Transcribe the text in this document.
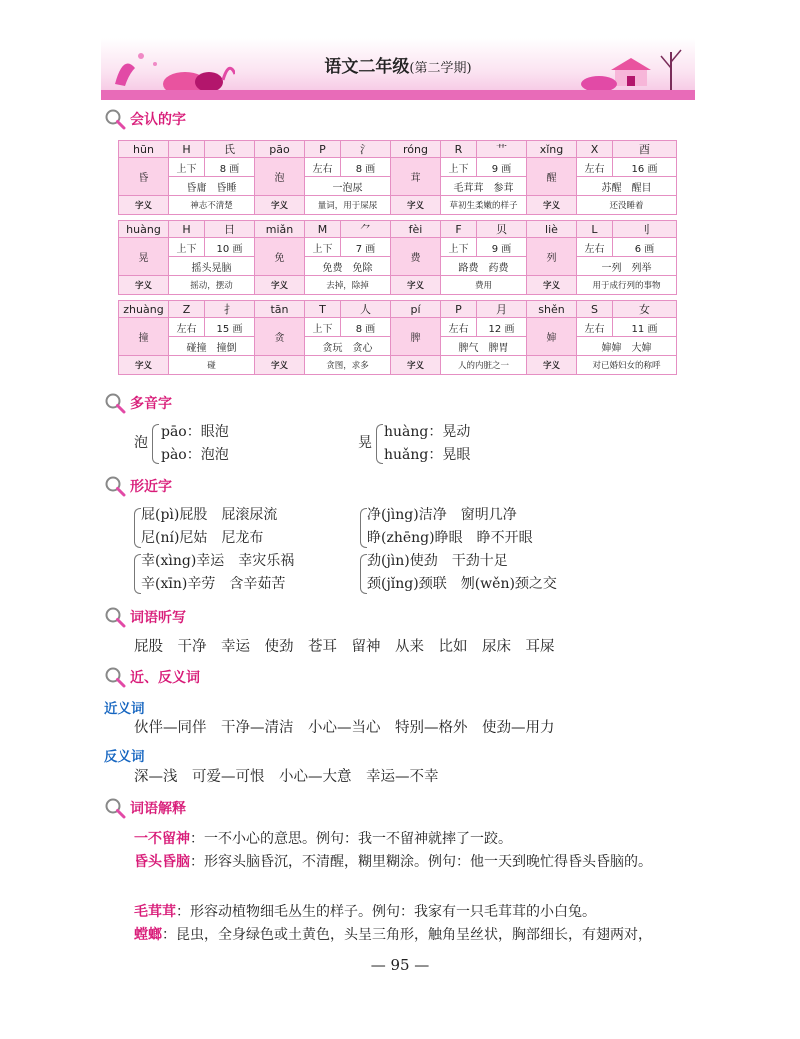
语文二年级(第二学期)
会认的字
hūn	H	氏	pāo	P	氵	róng	R	艹	xǐng	X	酉
昏	上下	8 画	泡	左右	8 画	茸	上下	9 画	醒	左右	16 画
	昏庸　昏睡			一泡尿			毛茸茸　参茸			苏醒　醒目	
字义	神志不清楚		字义	量词，用于屎尿		字义	草初生柔嫩的样子		字义	还没睡着	

huàng	H	日	miǎn	M	⺈	fèi	F	贝	liè	L	刂
晃	上下	10 画	免	上下	7 画	费	上下	9 画	列	左右	6 画
	摇头晃脑			免费　免除			路费　药费			一列　列举	
字义	摇动，摆动		字义	去掉，除掉		字义	费用		字义	用于成行列的事物	

zhuàng	Z	扌	tān	T	人	pí	P	月	shěn	S	女
撞	左右	15 画	贪	上下	8 画	脾	左右	12 画	婶	左右	11 画
	碰撞　撞倒			贪玩　贪心			脾气　脾胃			婶婶　大婶	
字义	碰		字义	贪图，求多		字义	人的内脏之一		字义	对已婚妇女的称呼	
多音字
泡
pāo：眼泡
pào：泡泡
晃
huàng：晃动
huǎng：晃眼
形近字
屁(pì)屁股　屁滚尿流
尼(ní)尼姑　尼龙布
净(jìng)洁净　窗明几净
睁(zhēng)睁眼　睁不开眼
幸(xìng)幸运　幸灾乐祸
辛(xīn)辛劳　含辛茹苦
劲(jìn)使劲　干劲十足
颈(jǐng)颈联　刎(wěn)颈之交
词语听写
屁股　干净　幸运　使劲　苍耳　留神　从来　比如　尿床　耳屎
近、反义词
近义词
伙伴—同伴　干净—清洁　小心—当心　特别—格外　使劲—用力
反义词
深—浅　可爱—可恨　小心—大意　幸运—不幸
词语解释
一不留神：一不小心的意思。例句：我一不留神就摔了一跤。
昏头昏脑：形容头脑昏沉，不清醒，糊里糊涂。例句：他一天到晚忙得昏头昏脑的。
毛茸茸：形容动植物细毛丛生的样子。例句：我家有一只毛茸茸的小白兔。
螳螂：昆虫，全身绿色或土黄色，头呈三角形，触角呈丝状，胸部细长，有翅两对，
— 95 —
